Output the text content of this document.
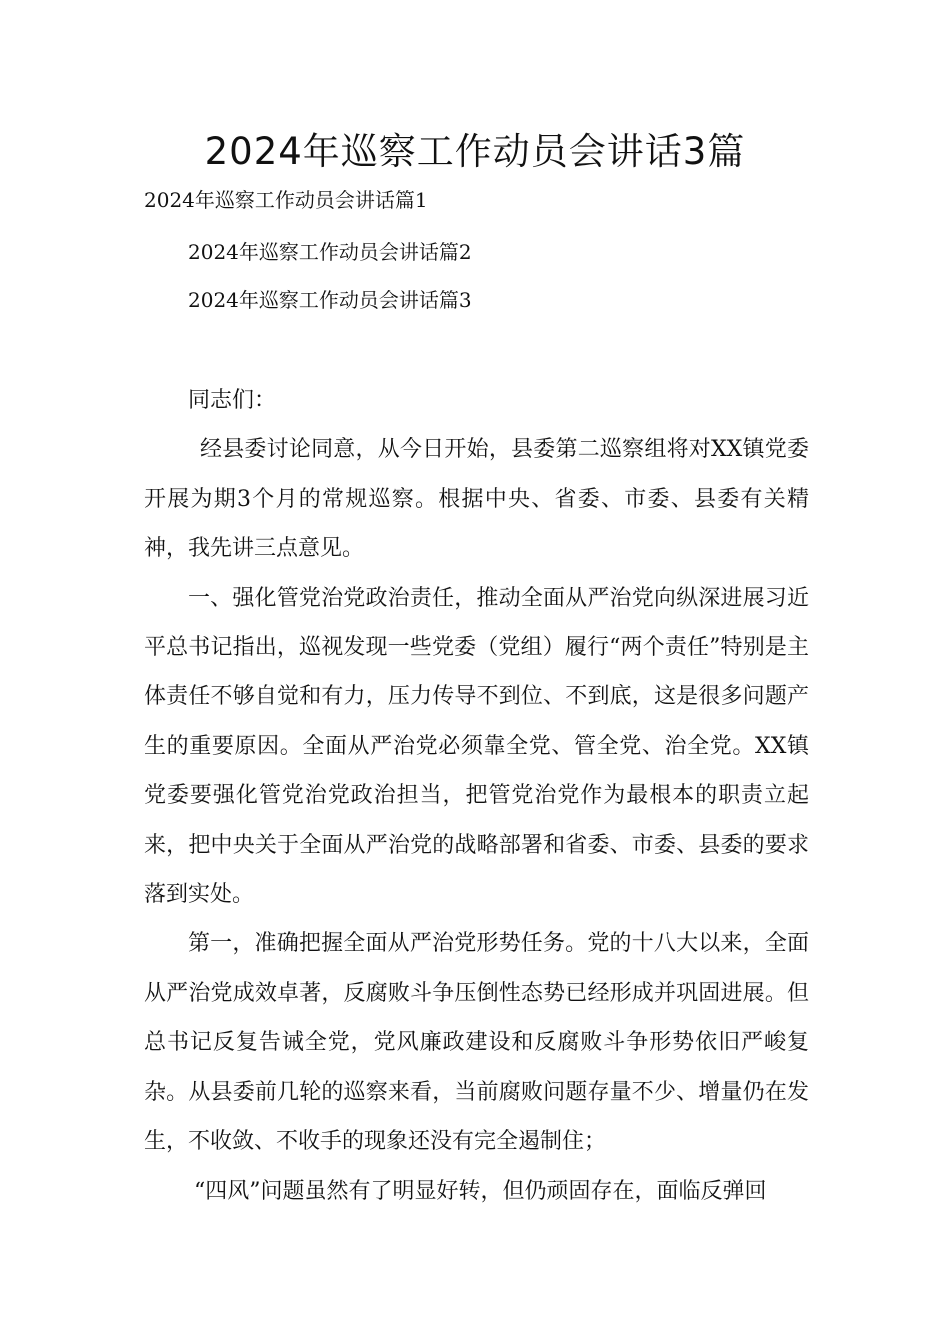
2024年巡察工作动员会讲话3篇
2024年巡察工作动员会讲话篇1
2024年巡察工作动员会讲话篇2
2024年巡察工作动员会讲话篇3

同志们：

经县委讨论同意，从今日开始，县委第二巡察组将对XX镇党委开展为期3个月的常规巡察。根据中央、省委、市委、县委有关精神，我先讲三点意见。

一、强化管党治党政治责任，推动全面从严治党向纵深进展习近平总书记指出，巡视发现一些党委（党组）履行“两个责任”特别是主体责任不够自觉和有力，压力传导不到位、不到底，这是很多问题产生的重要原因。全面从严治党必须靠全党、管全党、治全党。XX镇党委要强化管党治党政治担当，把管党治党作为最根本的职责立起来，把中央关于全面从严治党的战略部署和省委、市委、县委的要求落到实处。

第一，准确把握全面从严治党形势任务。党的十八大以来，全面从严治党成效卓著，反腐败斗争压倒性态势已经形成并巩固进展。但总书记反复告诫全党，党风廉政建设和反腐败斗争形势依旧严峻复杂。从县委前几轮的巡察来看，当前腐败问题存量不少、增量仍在发生，不收敛、不收手的现象还没有完全遏制住；

“四风”问题虽然有了明显好转，但仍顽固存在，面临反弹回
